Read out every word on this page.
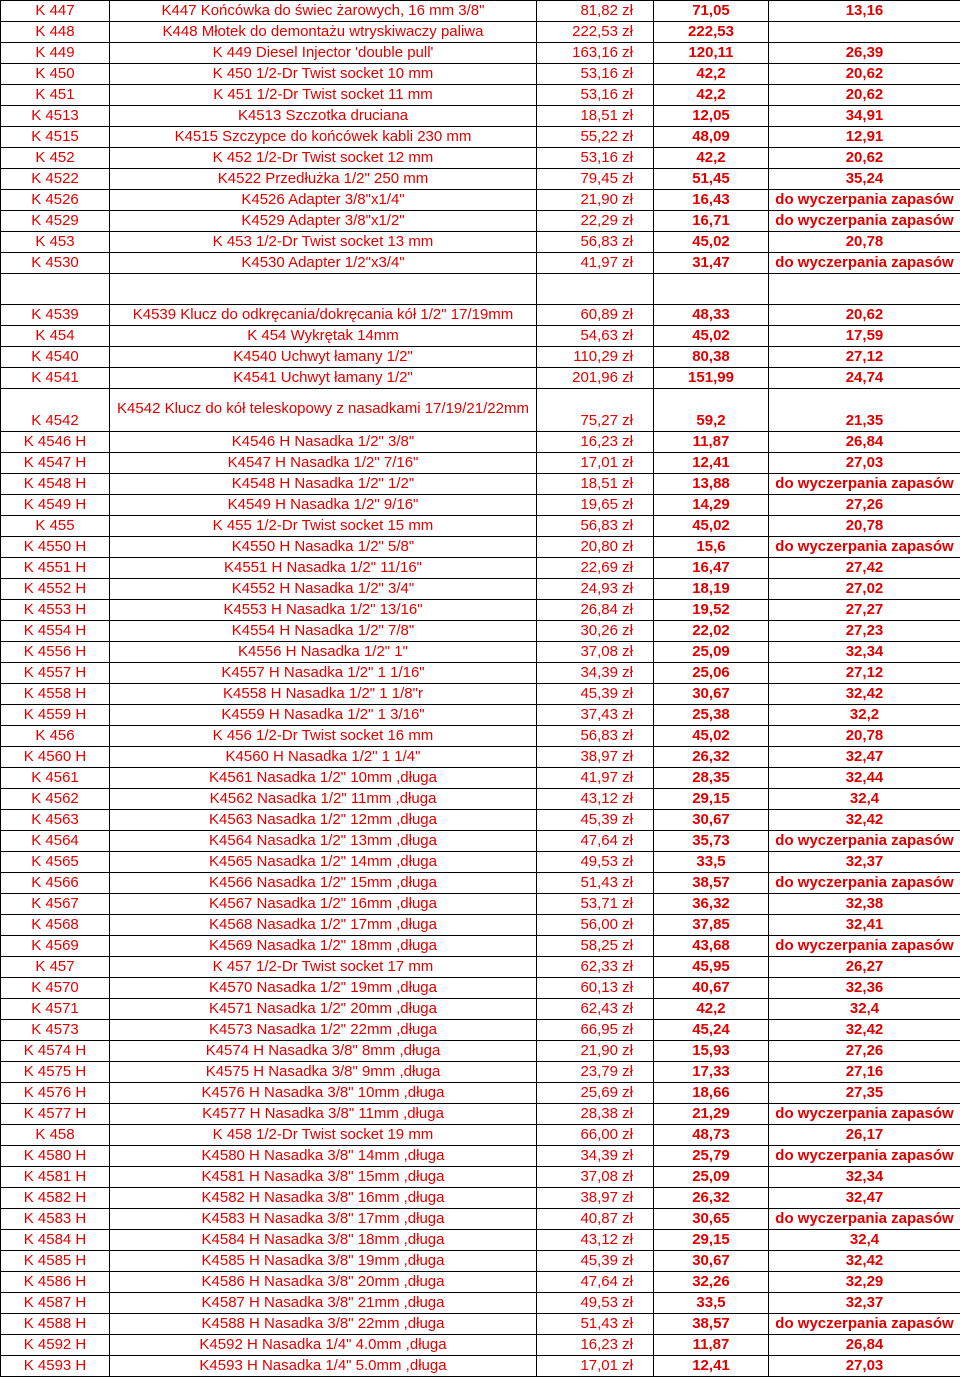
K 447	K447 Końcówka do świec żarowych, 16 mm 3/8"	81,82 zł	71,05	13,16
K 448	K448 Młotek do demontażu wtryskiwaczy paliwa	222,53 zł	222,53	
K 449	K 449 Diesel Injector 'double pull'	163,16 zł	120,11	26,39
K 450	K 450 1/2-Dr Twist socket 10 mm	53,16 zł	42,2	20,62
K 451	K 451 1/2-Dr Twist socket 11 mm	53,16 zł	42,2	20,62
K 4513	K4513 Szczotka druciana	18,51 zł	12,05	34,91
K 4515	K4515 Szczypce do końcówek kabli 230 mm	55,22 zł	48,09	12,91
K 452	K 452 1/2-Dr Twist socket 12 mm	53,16 zł	42,2	20,62
K 4522	K4522 Przedłużka 1/2" 250 mm	79,45 zł	51,45	35,24
K 4526	K4526 Adapter 3/8"x1/4"	21,90 zł	16,43	do wyczerpania zapasów
K 4529	K4529 Adapter 3/8"x1/2"	22,29 zł	16,71	do wyczerpania zapasów
K 453	K 453 1/2-Dr Twist socket 13 mm	56,83 zł	45,02	20,78
K 4530	K4530 Adapter 1/2"x3/4"	41,97 zł	31,47	do wyczerpania zapasów

K 4539	K4539 Klucz do odkręcania/dokręcania kół 1/2" 17/19mm	60,89 zł	48,33	20,62
K 454	K 454 Wykrętak 14mm	54,63 zł	45,02	17,59
K 4540	K4540 Uchwyt łamany 1/2"	110,29 zł	80,38	27,12
K 4541	K4541 Uchwyt łamany 1/2"	201,96 zł	151,99	24,74
K 4542	K4542 Klucz do kół teleskopowy z nasadkami 17/19/21/22mm	75,27 zł	59,2	21,35
K 4546 H	K4546 H Nasadka 1/2" 3/8"	16,23 zł	11,87	26,84
K 4547 H	K4547 H Nasadka 1/2" 7/16"	17,01 zł	12,41	27,03
K 4548 H	K4548 H Nasadka 1/2" 1/2"	18,51 zł	13,88	do wyczerpania zapasów
K 4549 H	K4549 H Nasadka 1/2" 9/16"	19,65 zł	14,29	27,26
K 455	K 455 1/2-Dr Twist socket 15 mm	56,83 zł	45,02	20,78
K 4550 H	K4550 H Nasadka 1/2" 5/8"	20,80 zł	15,6	do wyczerpania zapasów
K 4551 H	K4551 H Nasadka 1/2" 11/16"	22,69 zł	16,47	27,42
K 4552 H	K4552 H Nasadka 1/2" 3/4"	24,93 zł	18,19	27,02
K 4553 H	K4553 H Nasadka 1/2" 13/16"	26,84 zł	19,52	27,27
K 4554 H	K4554 H Nasadka 1/2" 7/8"	30,26 zł	22,02	27,23
K 4556 H	K4556 H Nasadka 1/2" 1"	37,08 zł	25,09	32,34
K 4557 H	K4557 H Nasadka 1/2" 1 1/16"	34,39 zł	25,06	27,12
K 4558 H	K4558 H Nasadka 1/2" 1 1/8"r	45,39 zł	30,67	32,42
K 4559 H	K4559 H Nasadka 1/2" 1 3/16"	37,43 zł	25,38	32,2
K 456	K 456 1/2-Dr Twist socket 16 mm	56,83 zł	45,02	20,78
K 4560 H	K4560 H Nasadka 1/2" 1 1/4"	38,97 zł	26,32	32,47
K 4561	K4561 Nasadka 1/2" 10mm ,długa	41,97 zł	28,35	32,44
K 4562	K4562 Nasadka 1/2" 11mm ,długa	43,12 zł	29,15	32,4
K 4563	K4563 Nasadka 1/2" 12mm ,długa	45,39 zł	30,67	32,42
K 4564	K4564 Nasadka 1/2" 13mm ,długa	47,64 zł	35,73	do wyczerpania zapasów
K 4565	K4565 Nasadka 1/2" 14mm ,długa	49,53 zł	33,5	32,37
K 4566	K4566 Nasadka 1/2" 15mm ,długa	51,43 zł	38,57	do wyczerpania zapasów
K 4567	K4567 Nasadka 1/2" 16mm ,długa	53,71 zł	36,32	32,38
K 4568	K4568 Nasadka 1/2" 17mm ,długa	56,00 zł	37,85	32,41
K 4569	K4569 Nasadka 1/2" 18mm ,długa	58,25 zł	43,68	do wyczerpania zapasów
K 457	K 457 1/2-Dr Twist socket 17 mm	62,33 zł	45,95	26,27
K 4570	K4570 Nasadka 1/2" 19mm ,długa	60,13 zł	40,67	32,36
K 4571	K4571 Nasadka 1/2" 20mm ,długa	62,43 zł	42,2	32,4
K 4573	K4573 Nasadka 1/2" 22mm ,długa	66,95 zł	45,24	32,42
K 4574 H	K4574 H Nasadka 3/8" 8mm ,długa	21,90 zł	15,93	27,26
K 4575 H	K4575 H Nasadka 3/8" 9mm ,długa	23,79 zł	17,33	27,16
K 4576 H	K4576 H Nasadka 3/8" 10mm ,długa	25,69 zł	18,66	27,35
K 4577 H	K4577 H Nasadka 3/8" 11mm ,długa	28,38 zł	21,29	do wyczerpania zapasów
K 458	K 458 1/2-Dr Twist socket 19 mm	66,00 zł	48,73	26,17
K 4580 H	K4580 H Nasadka 3/8" 14mm ,długa	34,39 zł	25,79	do wyczerpania zapasów
K 4581 H	K4581 H Nasadka 3/8" 15mm ,długa	37,08 zł	25,09	32,34
K 4582 H	K4582 H Nasadka 3/8" 16mm ,długa	38,97 zł	26,32	32,47
K 4583 H	K4583 H Nasadka 3/8" 17mm ,długa	40,87 zł	30,65	do wyczerpania zapasów
K 4584 H	K4584 H Nasadka 3/8" 18mm ,długa	43,12 zł	29,15	32,4
K 4585 H	K4585 H Nasadka 3/8" 19mm ,długa	45,39 zł	30,67	32,42
K 4586 H	K4586 H Nasadka 3/8" 20mm ,długa	47,64 zł	32,26	32,29
K 4587 H	K4587 H Nasadka 3/8" 21mm ,długa	49,53 zł	33,5	32,37
K 4588 H	K4588 H Nasadka 3/8" 22mm ,długa	51,43 zł	38,57	do wyczerpania zapasów
K 4592 H	K4592 H Nasadka 1/4" 4.0mm ,długa	16,23 zł	11,87	26,84
K 4593 H	K4593 H Nasadka 1/4" 5.0mm ,długa	17,01 zł	12,41	27,03
